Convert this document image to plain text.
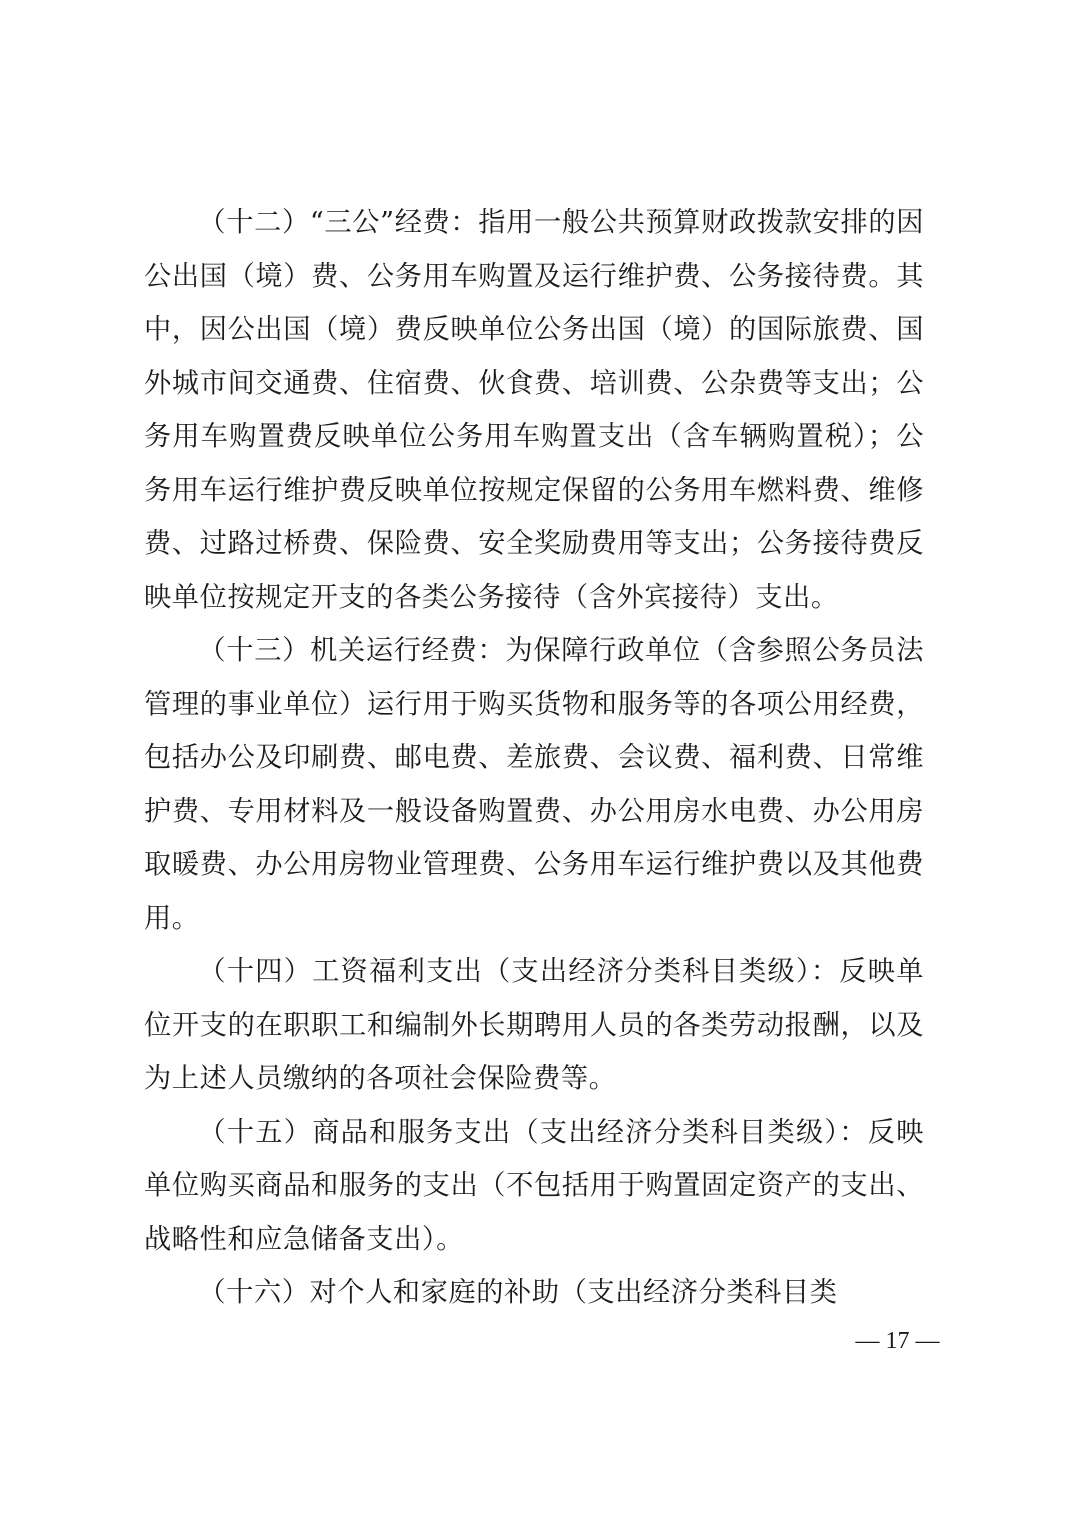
（十二）“三公”经费：指用一般公共预算财政拨款安排的因公出国（境）费、公务用车购置及运行维护费、公务接待费。其中，因公出国（境）费反映单位公务出国（境）的国际旅费、国外城市间交通费、住宿费、伙食费、培训费、公杂费等支出；公务用车购置费反映单位公务用车购置支出（含车辆购置税）；公务用车运行维护费反映单位按规定保留的公务用车燃料费、维修费、过路过桥费、保险费、安全奖励费用等支出；公务接待费反映单位按规定开支的各类公务接待（含外宾接待）支出。

（十三）机关运行经费：为保障行政单位（含参照公务员法管理的事业单位）运行用于购买货物和服务等的各项公用经费，包括办公及印刷费、邮电费、差旅费、会议费、福利费、日常维护费、专用材料及一般设备购置费、办公用房水电费、办公用房取暖费、办公用房物业管理费、公务用车运行维护费以及其他费用。

（十四）工资福利支出（支出经济分类科目类级）：反映单位开支的在职职工和编制外长期聘用人员的各类劳动报酬，以及为上述人员缴纳的各项社会保险费等。

（十五）商品和服务支出（支出经济分类科目类级）：反映单位购买商品和服务的支出（不包括用于购置固定资产的支出、战略性和应急储备支出）。

（十六）对个人和家庭的补助（支出经济分类科目类

— 17 —
